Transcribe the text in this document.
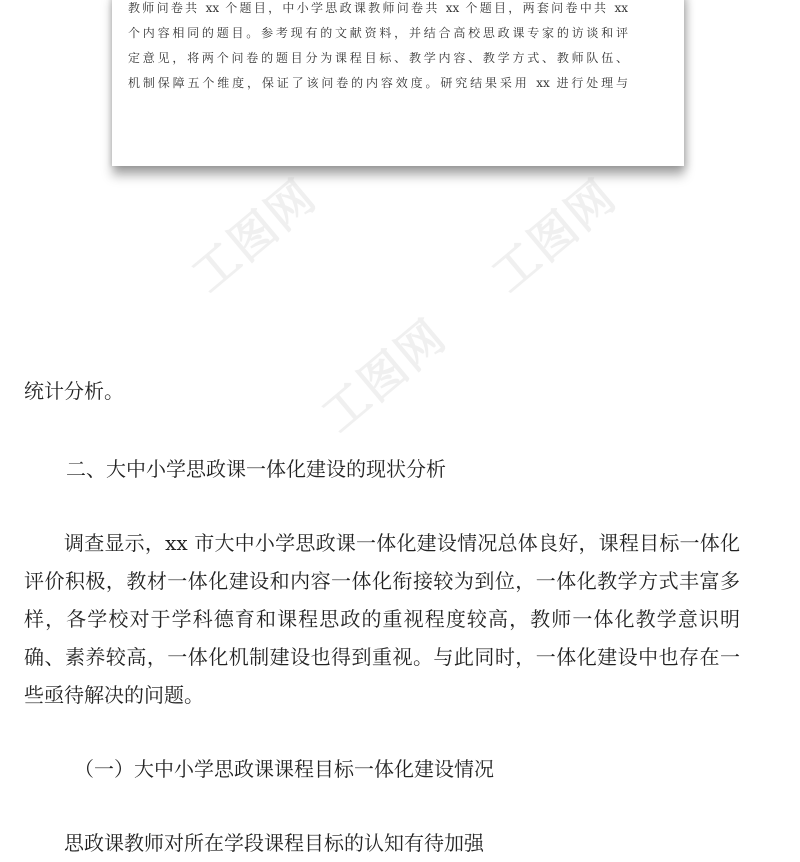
教师问卷共 xx 个题目，中小学思政课教师问卷共 xx 个题目，两套问卷中共 xx
个内容相同的题目。参考现有的文献资料，并结合高校思政课专家的访谈和评
定意见，将两个问卷的题目分为课程目标、教学内容、教学方式、教师队伍、
机制保障五个维度，保证了该问卷的内容效度。研究结果采用 xx 进行处理与
工图网	工图网
工图网

统计分析。

二、大中小学思政课一体化建设的现状分析

调查显示，xx 市大中小学思政课一体化建设情况总体良好，课程目标一体化评价积极，教材一体化建设和内容一体化衔接较为到位，一体化教学方式丰富多样，各学校对于学科德育和课程思政的重视程度较高，教师一体化教学意识明确、素养较高，一体化机制建设也得到重视。与此同时，一体化建设中也存在一些亟待解决的问题。

（一）大中小学思政课课程目标一体化建设情况

思政课教师对所在学段课程目标的认知有待加强
